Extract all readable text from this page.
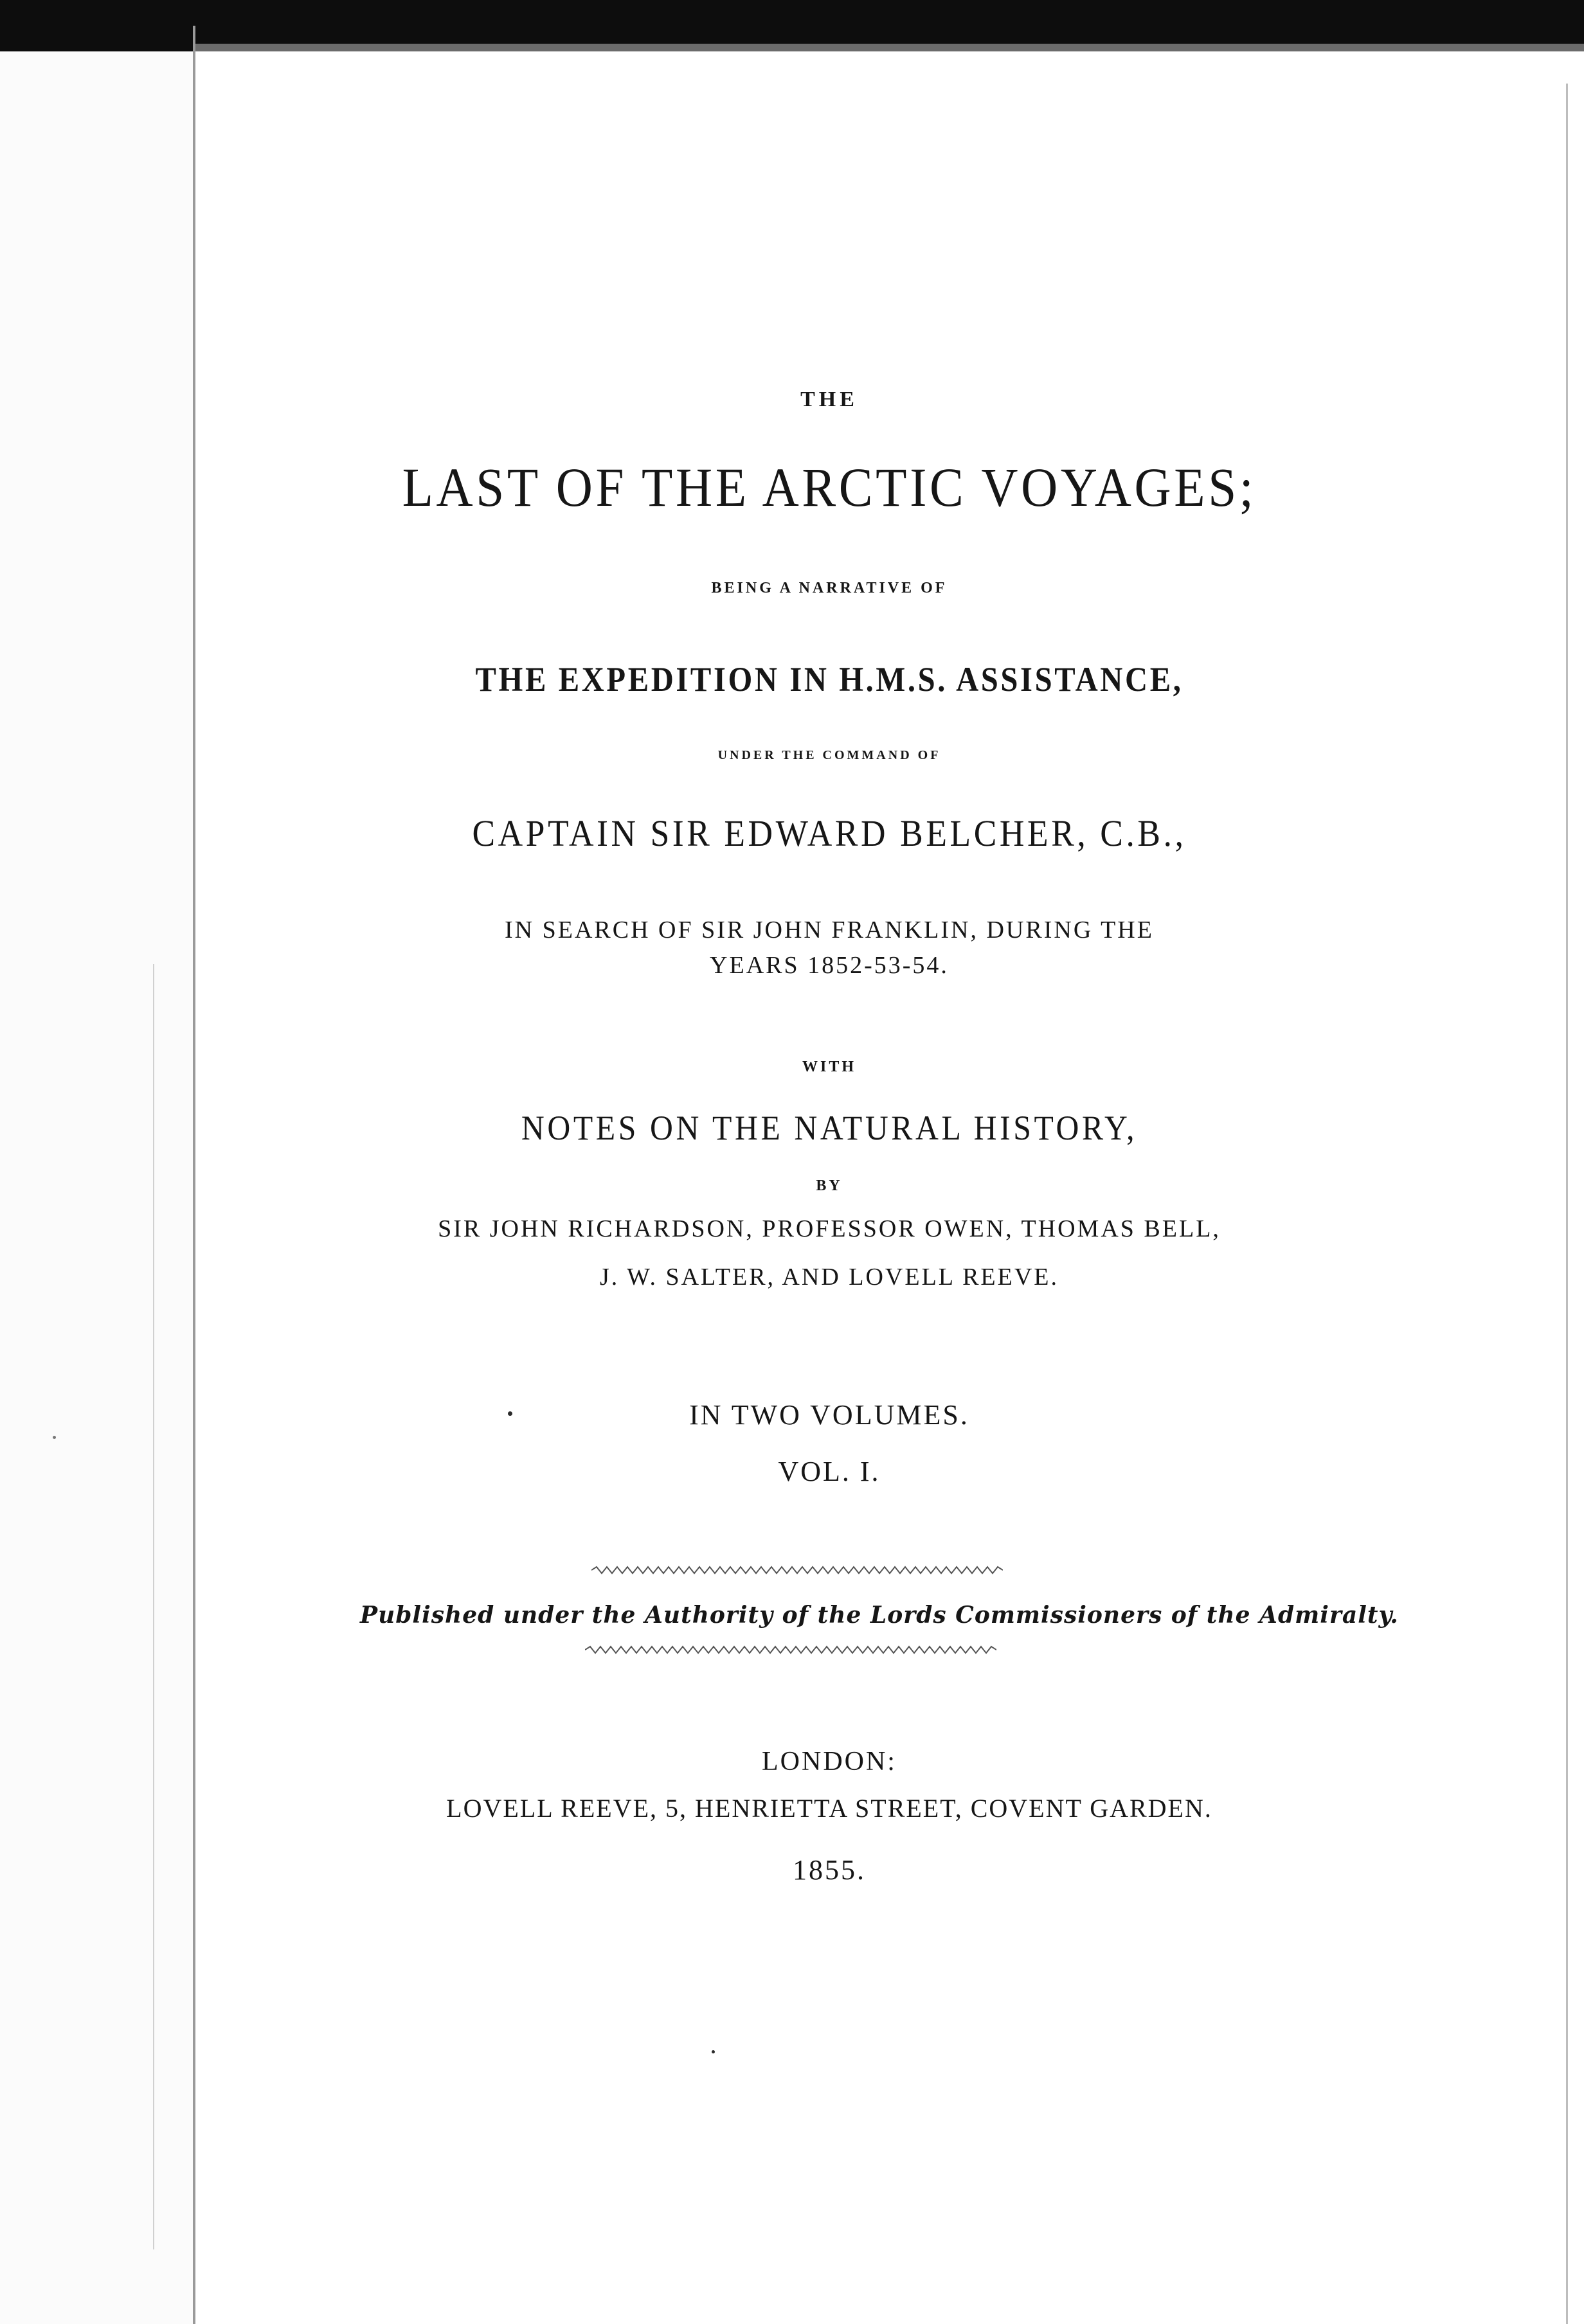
THE
LAST OF THE ARCTIC VOYAGES;
BEING A NARRATIVE OF
THE EXPEDITION IN H.M.S. ASSISTANCE,
UNDER THE COMMAND OF
CAPTAIN SIR EDWARD BELCHER, C.B.,
IN SEARCH OF SIR JOHN FRANKLIN, DURING THE
YEARS 1852-53-54.
WITH
NOTES ON THE NATURAL HISTORY,
BY
SIR JOHN RICHARDSON, PROFESSOR OWEN, THOMAS BELL,
J. W. SALTER, AND LOVELL REEVE.
IN TWO VOLUMES.
VOL. I.
Published under the Authority of the Lords Commissioners of the Admiralty.
LONDON:
LOVELL REEVE, 5, HENRIETTA STREET, COVENT GARDEN.
1855.
